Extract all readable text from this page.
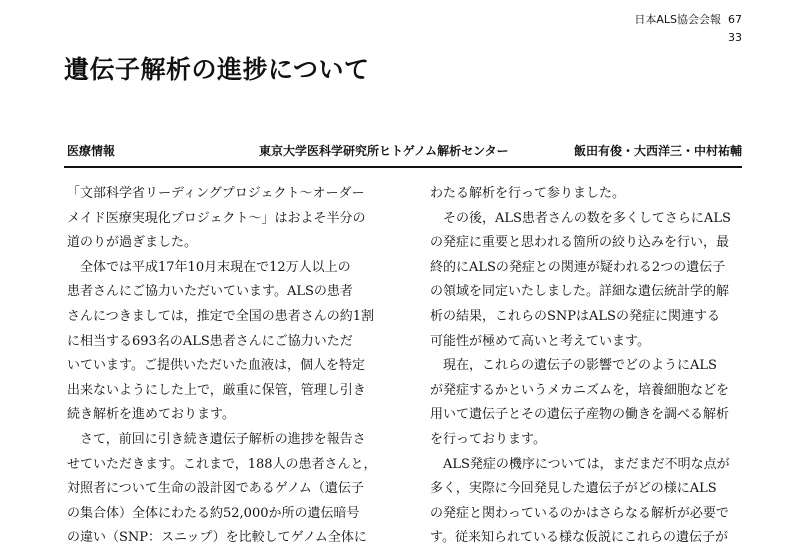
日本ALS協会会報 67
33
遺伝子解析の進捗について
医療情報	東京大学医科学研究所ヒトゲノム解析センター	飯田有俊・大西洋三・中村祐輔

「文部科学省リーディングプロジェクト～オーダー

メイド医療実現化プロジェクト～」はおよそ半分の

道のりが過ぎました。

　全体では平成17年10月末現在で12万人以上の

患者さんにご協力いただいています。ALSの患者

さんにつきましては，推定で全国の患者さんの約1割

に相当する693名のALS患者さんにご協力いただ

いています。ご提供いただいた血液は，個人を特定

出来ないようにした上で，厳重に保管，管理し引き

続き解析を進めております。

　さて，前回に引き続き遺伝子解析の進捗を報告さ

せていただきます。これまで，188人の患者さんと，

対照者について生命の設計図であるゲノム（遺伝子

の集合体）全体にわたる約52,000か所の遺伝暗号

の違い（SNP：スニップ）を比較してゲノム全体に

わたる解析を行って参りました。

　その後，ALS患者さんの数を多くしてさらにALS

の発症に重要と思われる箇所の絞り込みを行い，最

終的にALSの発症との関連が疑われる2つの遺伝子

の領域を同定いたしました。詳細な遺伝統計学的解

析の結果，これらのSNPはALSの発症に関連する

可能性が極めて高いと考えています。

　現在，これらの遺伝子の影響でどのようにALS

が発症するかというメカニズムを，培養細胞などを

用いて遺伝子とその遺伝子産物の働きを調べる解析

を行っております。

　ALS発症の機序については，まだまだ不明な点が

多く，実際に今回発見した遺伝子がどの様にALS

の発症と関わっているのかはさらなる解析が必要で

す。従来知られている様な仮説にこれらの遺伝子が
